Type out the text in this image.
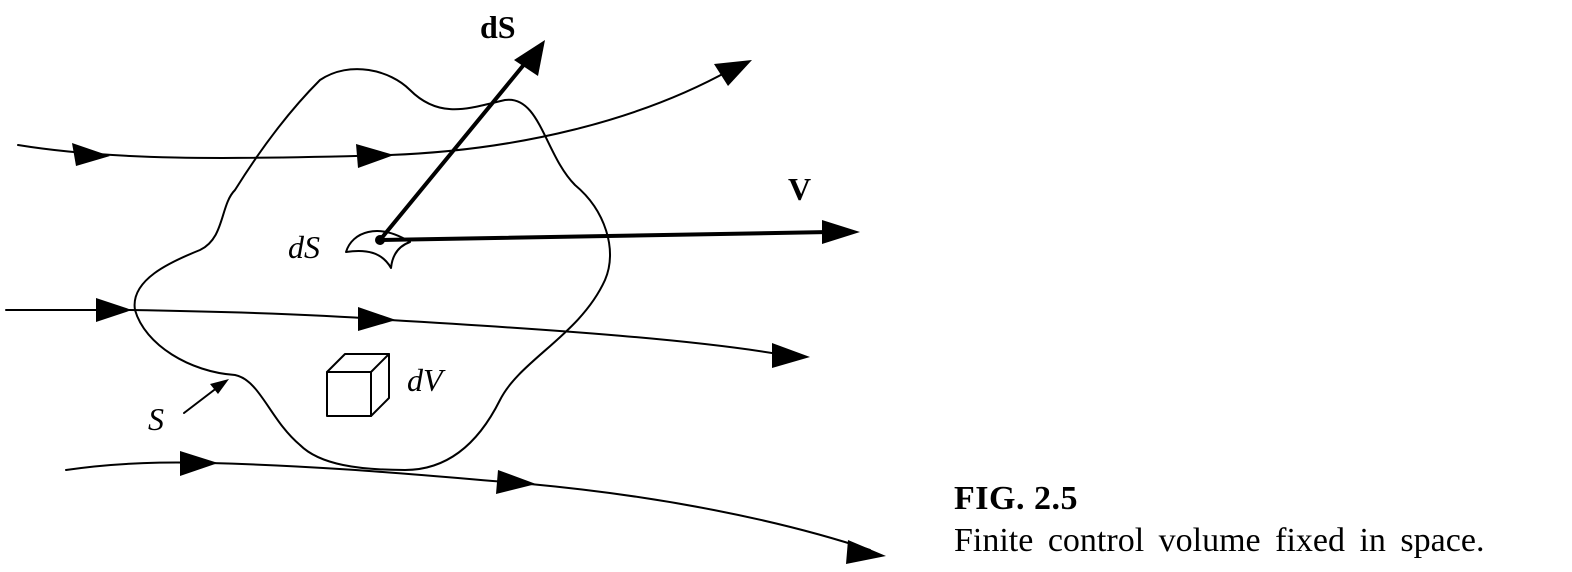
dS
V
dS
dV
S
FIG. 2.5
Finite control volume fixed in space.
